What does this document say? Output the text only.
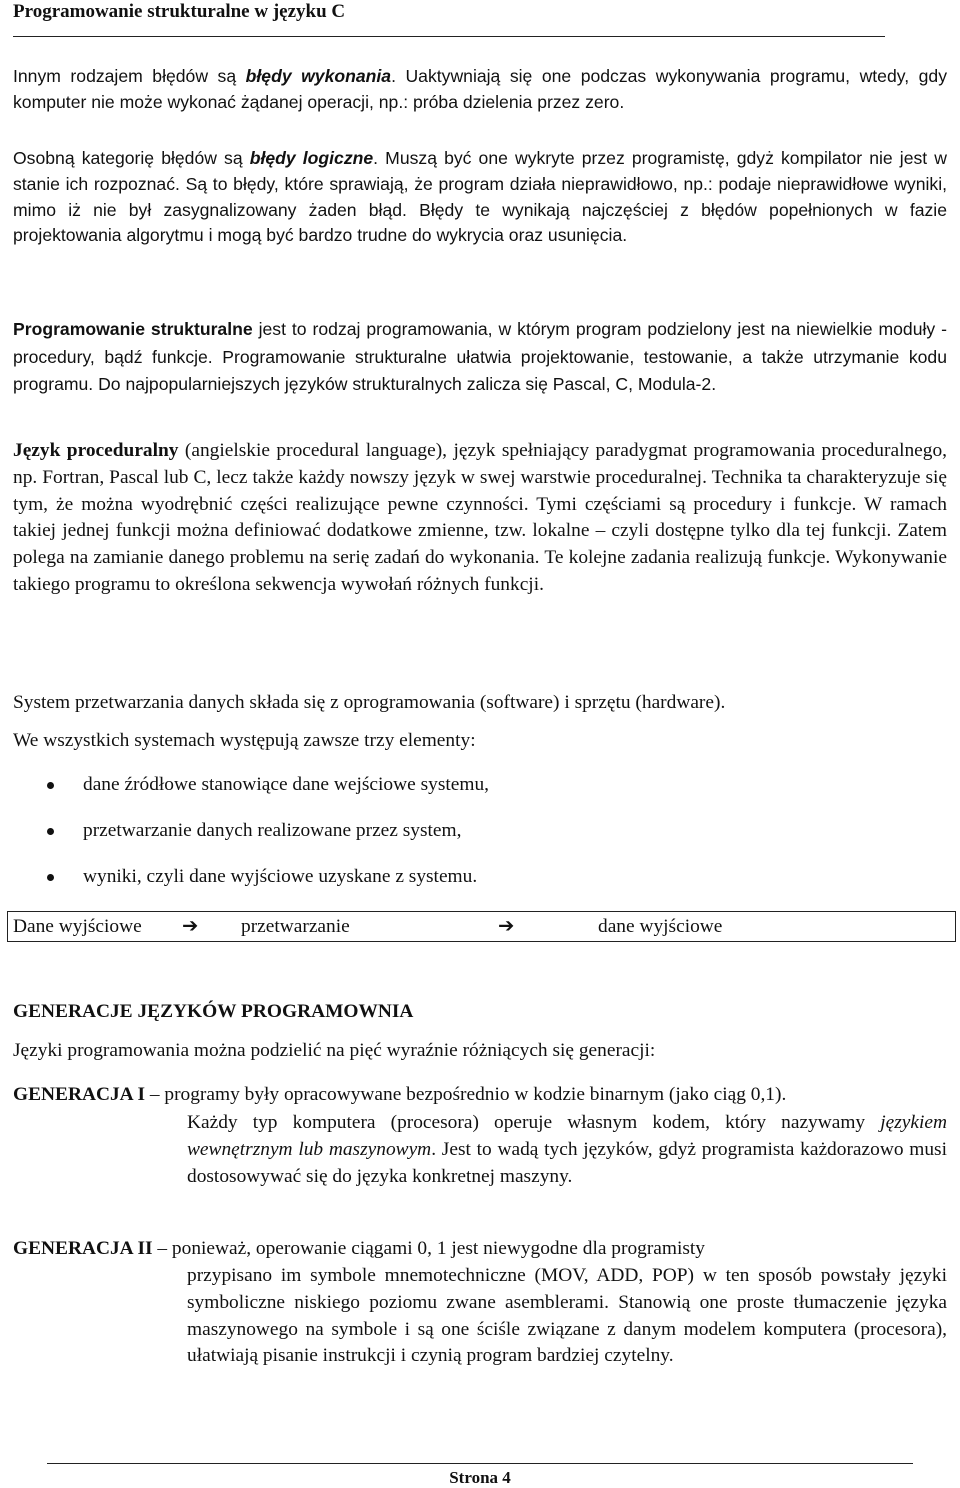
Programowanie strukturalne w języku C

Innym rodzajem błędów są błędy wykonania. Uaktywniają się one podczas wykonywania programu, wtedy, gdy komputer nie może wykonać żądanej operacji, np.: próba dzielenia przez zero.

Osobną kategorię błędów są błędy logiczne. Muszą być one wykryte przez programistę, gdyż kompilator nie jest w stanie ich rozpoznać. Są to błędy, które sprawiają, że program działa nieprawidłowo, np.: podaje nieprawidłowe wyniki, mimo iż nie był zasygnalizowany żaden błąd. Błędy te wynikają najczęściej z błędów popełnionych w fazie projektowania algorytmu i mogą być bardzo trudne do wykrycia oraz usunięcia.

Programowanie strukturalne jest to rodzaj programowania, w którym program podzielony jest na niewielkie moduły - procedury, bądź funkcje. Programowanie strukturalne ułatwia projektowanie, testowanie, a także utrzymanie kodu programu. Do najpopularniejszych języków strukturalnych zalicza się Pascal, C, Modula-2.

Język proceduralny (angielskie procedural language), język spełniający paradygmat programowania proceduralnego, np. Fortran, Pascal lub C, lecz także każdy nowszy język w swej warstwie proceduralnej. Technika ta charakteryzuje się tym, że można wyodrębnić części realizujące pewne czynności. Tymi częściami są procedury i funkcje. W ramach takiej jednej funkcji można definiować dodatkowe zmienne, tzw. lokalne – czyli dostępne tylko dla tej funkcji. Zatem polega na zamianie danego problemu na serię zadań do wykonania. Te kolejne zadania realizują funkcje. Wykonywanie takiego programu to określona sekwencja wywołań różnych funkcji.

System przetwarzania danych składa się z oprogramowania (software) i sprzętu (hardware).

We wszystkich systemach występują zawsze trzy elementy:

dane źródłowe stanowiące dane wejściowe systemu,
przetwarzanie danych realizowane przez system,
wyniki, czyli dane wyjściowe uzyskane z systemu.
Dane wyjściowe ➔ przetwarzanie	➔	dane wyjściowe
GENERACJE JĘZYKÓW PROGRAMOWNIA

Języki programowania można podzielić na pięć wyraźnie różniących się generacji:

GENERACJA I – programy były opracowywane bezpośrednio w kodzie binarnym (jako ciąg 0,1).

Każdy typ komputera (procesora) operuje własnym kodem, który nazywamy językiem wewnętrznym lub maszynowym. Jest to wadą tych języków, gdyż programista każdorazowo musi dostosowywać się do języka konkretnej maszyny.

GENERACJA II – ponieważ, operowanie ciągami 0, 1 jest niewygodne dla programisty

przypisano im symbole mnemotechniczne (MOV, ADD, POP) w ten sposób powstały języki symboliczne niskiego poziomu zwane asemblerami. Stanowią one proste tłumaczenie języka maszynowego na symbole i są one ściśle związane z danym modelem komputera (procesora), ułatwiają pisanie instrukcji i czynią program bardziej czytelny.

Strona 4
